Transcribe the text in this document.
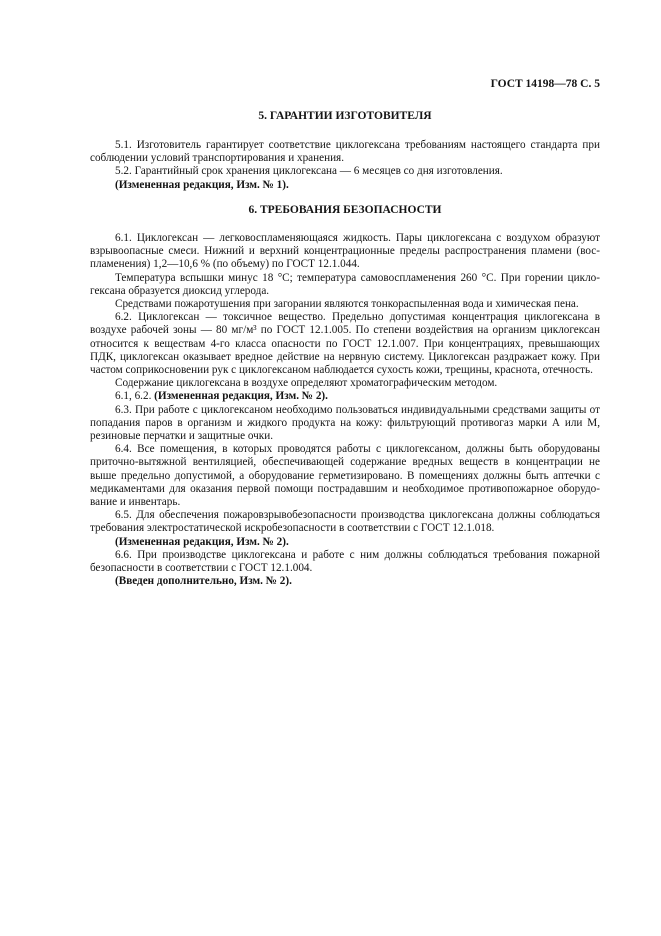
ГОСТ 14198—78 С. 5
5. ГАРАНТИИ ИЗГОТОВИТЕЛЯ

5.1. Изготовитель гарантирует соответствие циклогексана требованиям настоящего стандарта при соблюдении условий транспортирования и хранения.

5.2. Гарантийный срок хранения циклогексана — 6 месяцев со дня изготовления.

(Измененная редакция, Изм. № 1).

6. ТРЕБОВАНИЯ БЕЗОПАСНОСТИ

6.1. Циклогексан — легковоспламеняющаяся жидкость. Пары циклогексана с воздухом образуют взрывоопасные смеси. Нижний и верхний концентрационные пределы распространения пламени (вос-пламенения) 1,2—10,6 % (по объему) по ГОСТ 12.1.044.

Температура вспышки минус 18 °С; температура самовоспламенения 260 °С. При горении цикло-гексана образуется диоксид углерода.

Средствами пожаротушения при загорании являются тонкораспыленная вода и химическая пена.

6.2. Циклогексан — токсичное вещество. Предельно допустимая концентрация циклогексана в воздухе рабочей зоны — 80 мг/м³ по ГОСТ 12.1.005. По степени воздействия на организм циклогексан относится к веществам 4-го класса опасности по ГОСТ 12.1.007. При концентрациях, превышающих ПДК, циклогексан оказывает вредное действие на нервную систему. Циклогексан раздражает кожу. При частом соприкосновении рук с циклогексаном наблюдается сухость кожи, трещины, краснота, отечность.

Содержание циклогексана в воздухе определяют хроматографическим методом.

6.1, 6.2. (Измененная редакция, Изм. № 2).

6.3. При работе с циклогексаном необходимо пользоваться индивидуальными средствами защиты от попадания паров в организм и жидкого продукта на кожу: фильтрующий противогаз марки А или М, резиновые перчатки и защитные очки.

6.4. Все помещения, в которых проводятся работы с циклогексаном, должны быть оборудованы приточно-вытяжной вентиляцией, обеспечивающей содержание вредных веществ в концентрации не выше предельно допустимой, а оборудование герметизировано. В помещениях должны быть аптечки с медикаментами для оказания первой помощи пострадавшим и необходимое противопожарное оборудо-вание и инвентарь.

6.5. Для обеспечения пожаровзрывобезопасности производства циклогексана должны соблюдаться требования электростатической искробезопасности в соответствии с ГОСТ 12.1.018.

(Измененная редакция, Изм. № 2).

6.6. При производстве циклогексана и работе с ним должны соблюдаться требования пожарной безопасности в соответствии с ГОСТ 12.1.004.

(Введен дополнительно, Изм. № 2).
